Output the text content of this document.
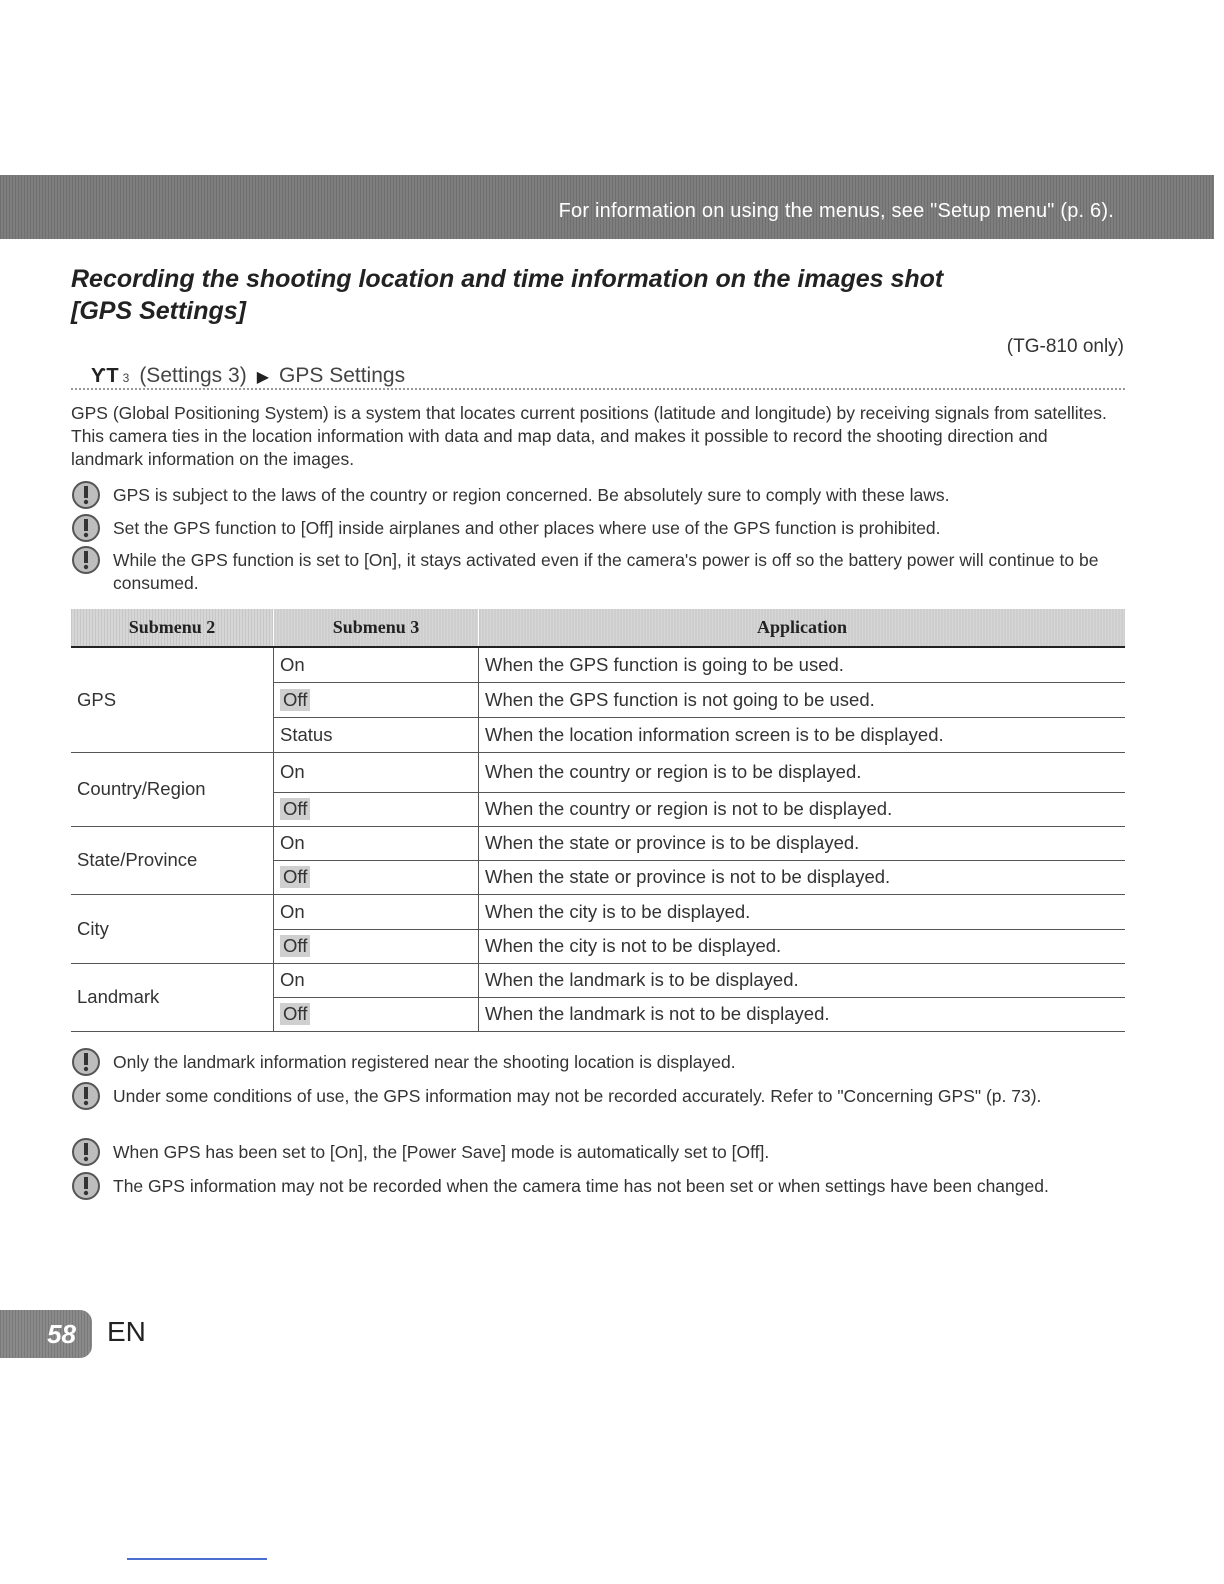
For information on using the menus, see "Setup menu" (p. 6).
Recording the shooting location and time information on the images shot
[GPS Settings]
(TG-810 only)
ƳT 3 (Settings 3) ▶ GPS Settings

GPS (Global Positioning System) is a system that locates current positions (latitude and longitude) by receiving signals from satellites. This camera ties in the location information with data and map data, and makes it possible to record the shooting direction and landmark information on the images.

GPS is subject to the laws of the country or region concerned. Be absolutely sure to comply with these laws.
Set the GPS function to [Off] inside airplanes and other places where use of the GPS function is prohibited.
While the GPS function is set to [On], it stays activated even if the camera's power is off so the battery power will continue to be consumed.
Submenu 2	Submenu 3	Application
GPS	On	When the GPS function is going to be used.
	Off	When the GPS function is not going to be used.
	Status	When the location information screen is to be displayed.
Country/Region	On	When the country or region is to be displayed.
	Off	When the country or region is not to be displayed.
State/Province	On	When the state or province is to be displayed.
	Off	When the state or province is not to be displayed.
City	On	When the city is to be displayed.
	Off	When the city is not to be displayed.
Landmark	On	When the landmark is to be displayed.
	Off	When the landmark is not to be displayed.
Only the landmark information registered near the shooting location is displayed.
Under some conditions of use, the GPS information may not be recorded accurately. Refer to "Concerning GPS" (p. 73).
When GPS has been set to [On], the [Power Save] mode is automatically set to [Off].
The GPS information may not be recorded when the camera time has not been set or when settings have been changed.
58 EN
